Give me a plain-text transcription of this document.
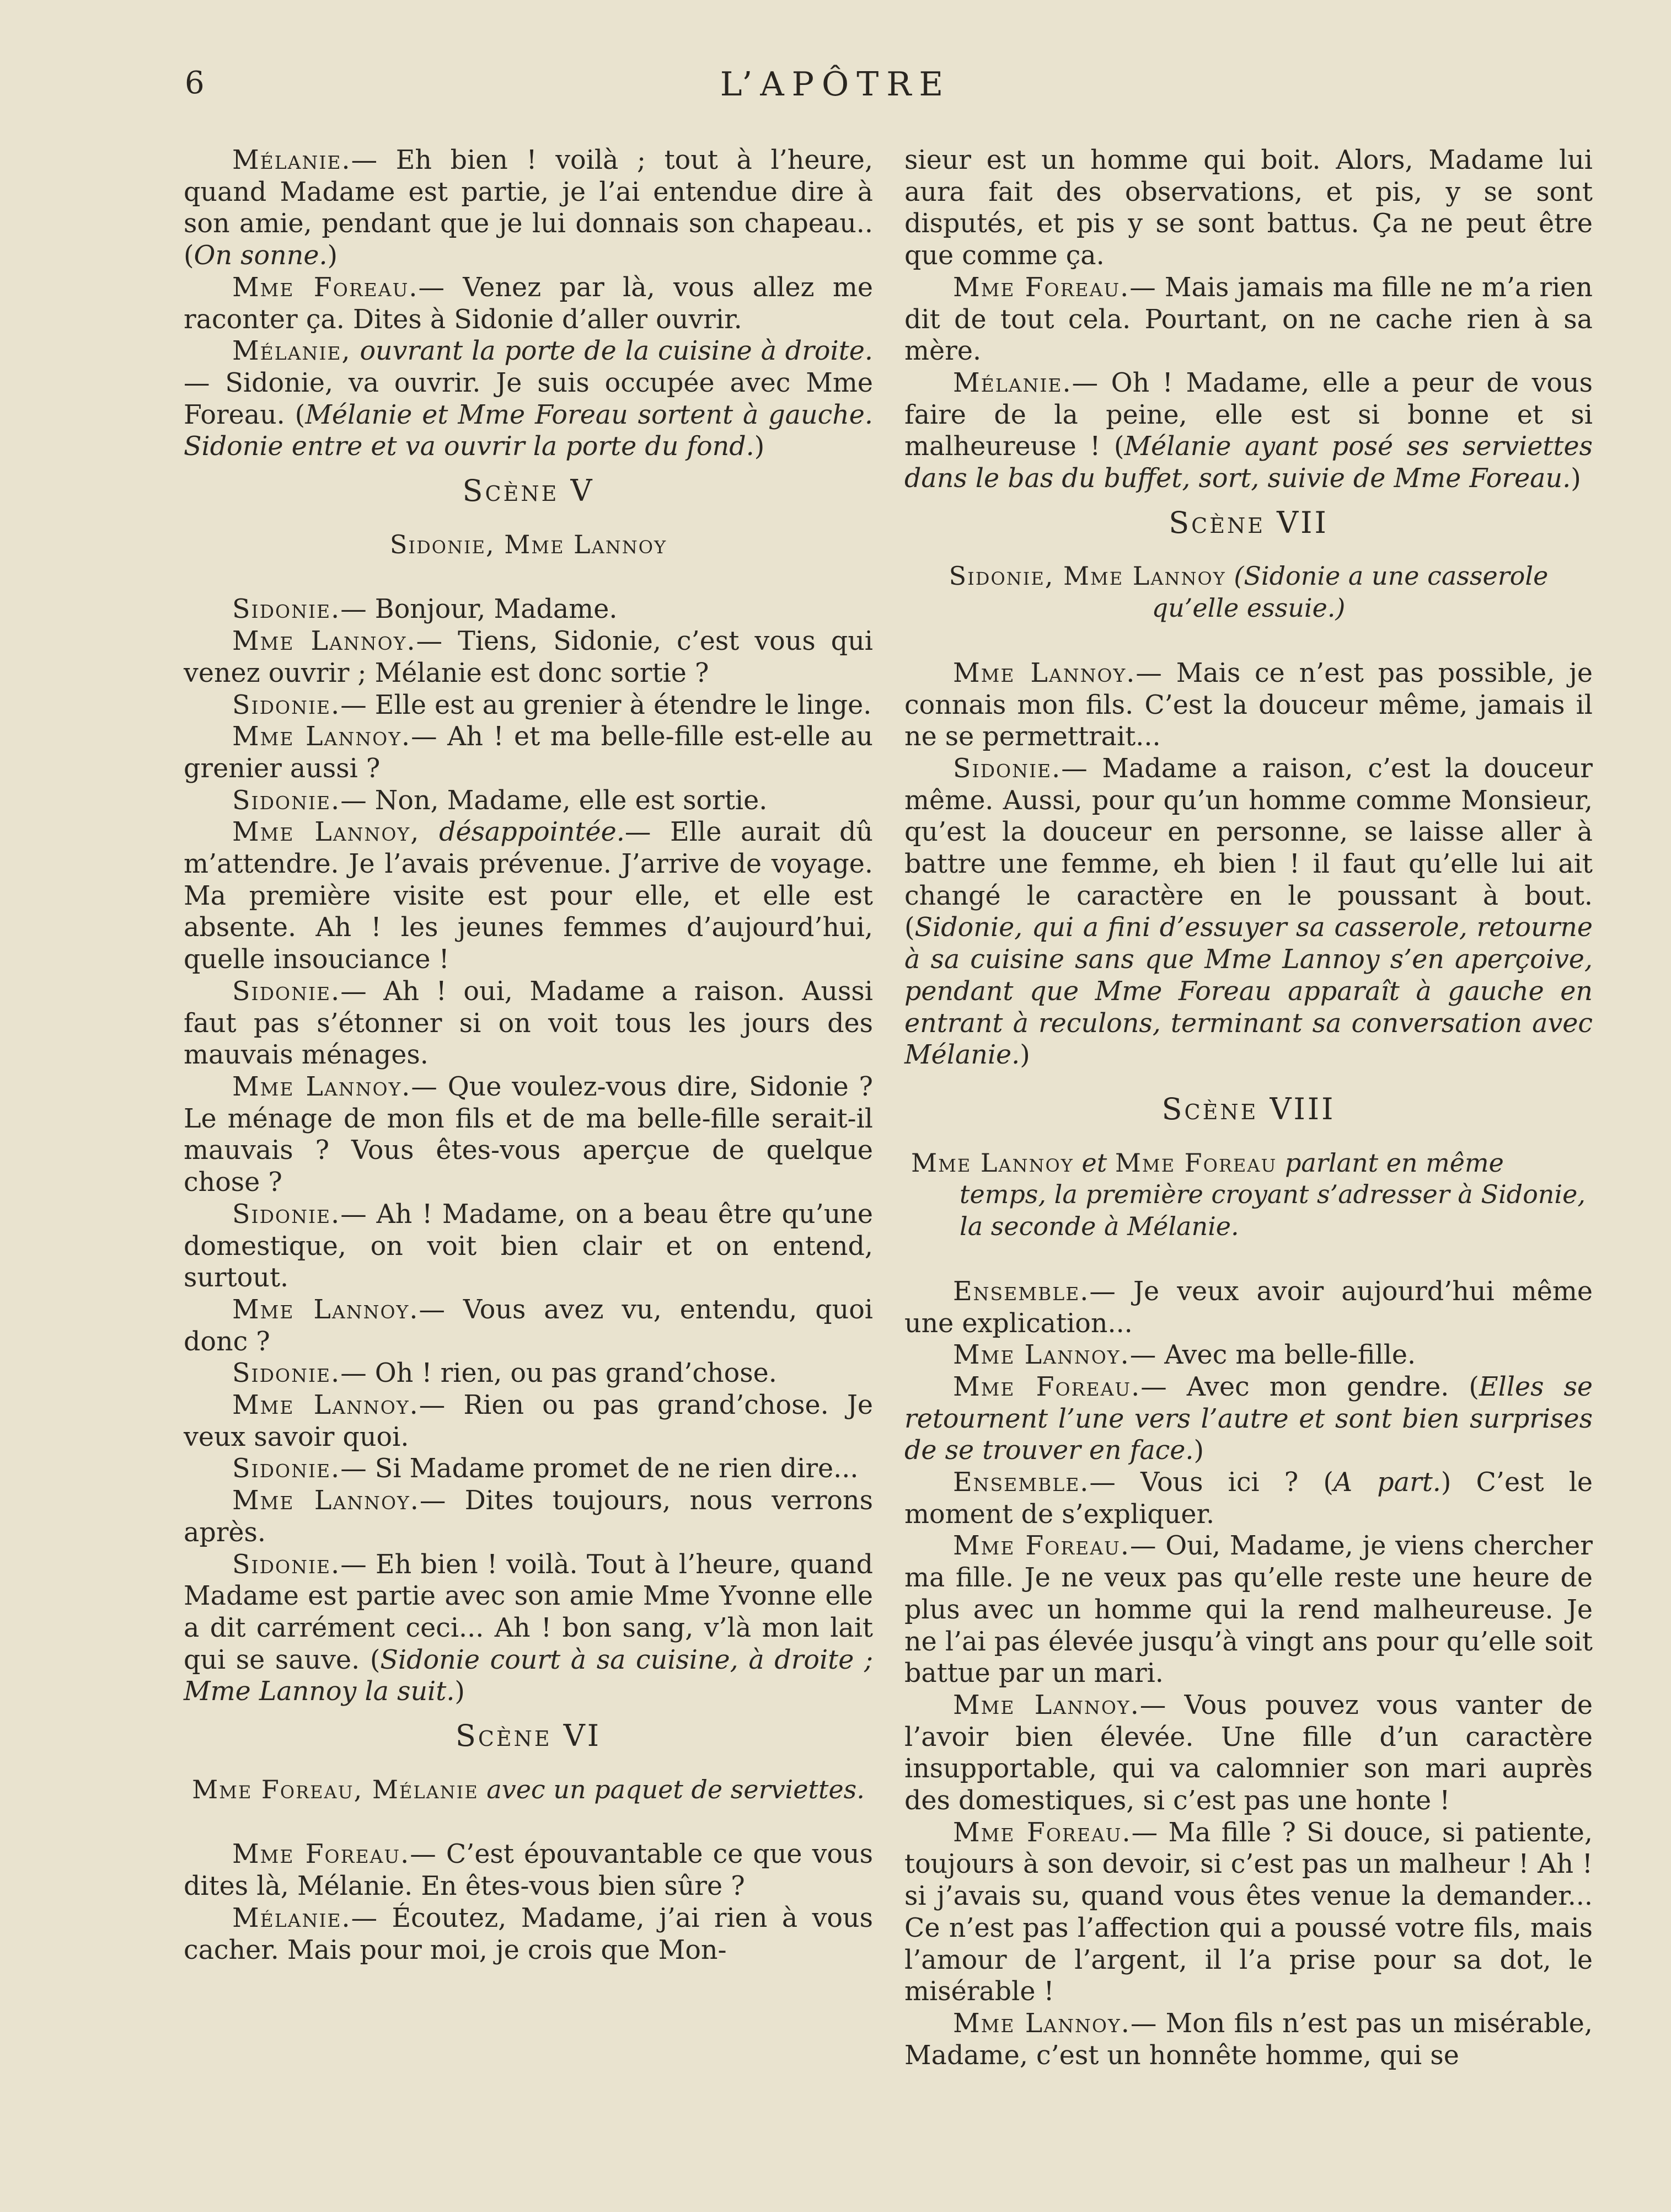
6	L’APÔTRE

Mélanie.— Eh bien ! voilà ; tout à l’heure, quand Madame est partie, je l’ai entendue dire à son amie, pendant que je lui donnais son chapeau.. (On sonne.)

Mme Foreau.— Venez par là, vous allez me raconter ça. Dites à Sidonie d’aller ouvrir.

Mélanie, ouvrant la porte de la cuisine à droite.— Sidonie, va ouvrir. Je suis occupée avec Mme Foreau. (Mélanie et Mme Foreau sortent à gauche. Sidonie entre et va ouvrir la porte du fond.)

Scène V
Sidonie, Mme Lannoy

Sidonie.— Bonjour, Madame.

Mme Lannoy.— Tiens, Sidonie, c’est vous qui venez ouvrir ; Mélanie est donc sortie ?

Sidonie.— Elle est au grenier à étendre le linge.

Mme Lannoy.— Ah ! et ma belle-fille est-elle au grenier aussi ?

Sidonie.— Non, Madame, elle est sortie.

Mme Lannoy, désappointée.— Elle aurait dû m’attendre. Je l’avais prévenue. J’arrive de voyage. Ma première visite est pour elle, et elle est absente. Ah ! les jeunes femmes d’aujourd’hui, quelle insouciance !

Sidonie.— Ah ! oui, Madame a raison. Aussi faut pas s’étonner si on voit tous les jours des mauvais ménages.

Mme Lannoy.— Que voulez-vous dire, Sidonie ? Le ménage de mon fils et de ma belle-fille serait-il mauvais ? Vous êtes-vous aperçue de quelque chose ?

Sidonie.— Ah ! Madame, on a beau être qu’une domestique, on voit bien clair et on entend, surtout.

Mme Lannoy.— Vous avez vu, entendu, quoi donc ?

Sidonie.— Oh ! rien, ou pas grand’chose.

Mme Lannoy.— Rien ou pas grand’chose. Je veux savoir quoi.

Sidonie.— Si Madame promet de ne rien dire...

Mme Lannoy.— Dites toujours, nous verrons après.

Sidonie.— Eh bien ! voilà. Tout à l’heure, quand Madame est partie avec son amie Mme Yvonne elle a dit carrément ceci... Ah ! bon sang, v’là mon lait qui se sauve. (Sidonie court à sa cuisine, à droite ; Mme Lannoy la suit.)

Scène VI
Mme Foreau, Mélanie avec un paquet de serviettes.

Mme Foreau.— C’est épouvantable ce que vous dites là, Mélanie. En êtes-vous bien sûre ?

Mélanie.— Écoutez, Madame, j’ai rien à vous cacher. Mais pour moi, je crois que Mon-

sieur est un homme qui boit. Alors, Madame lui aura fait des observations, et pis, y se sont disputés, et pis y se sont battus. Ça ne peut être que comme ça.

Mme Foreau.— Mais jamais ma fille ne m’a rien dit de tout cela. Pourtant, on ne cache rien à sa mère.

Mélanie.— Oh ! Madame, elle a peur de vous faire de la peine, elle est si bonne et si malheureuse ! (Mélanie ayant posé ses serviettes dans le bas du buffet, sort, suivie de Mme Foreau.)

Scène VII
Sidonie, Mme Lannoy (Sidonie a une casserole qu’elle essuie.)

Mme Lannoy.— Mais ce n’est pas possible, je connais mon fils. C’est la douceur même, jamais il ne se permettrait...

Sidonie.— Madame a raison, c’est la douceur même. Aussi, pour qu’un homme comme Monsieur, qu’est la douceur en personne, se laisse aller à battre une femme, eh bien ! il faut qu’elle lui ait changé le caractère en le poussant à bout. (Sidonie, qui a fini d’essuyer sa casserole, retourne à sa cuisine sans que Mme Lannoy s’en aperçoive, pendant que Mme Foreau apparaît à gauche en entrant à reculons, terminant sa conversation avec Mélanie.)

Scène VIII
Mme Lannoy et Mme Foreau parlant en même temps, la première croyant s’adresser à Sidonie, la seconde à Mélanie.

Ensemble.— Je veux avoir aujourd’hui même une explication...

Mme Lannoy.— Avec ma belle-fille.

Mme Foreau.— Avec mon gendre. (Elles se retournent l’une vers l’autre et sont bien surprises de se trouver en face.)

Ensemble.— Vous ici ? (A part.) C’est le moment de s’expliquer.

Mme Foreau.— Oui, Madame, je viens chercher ma fille. Je ne veux pas qu’elle reste une heure de plus avec un homme qui la rend malheureuse. Je ne l’ai pas élevée jusqu’à vingt ans pour qu’elle soit battue par un mari.

Mme Lannoy.— Vous pouvez vous vanter de l’avoir bien élevée. Une fille d’un caractère insupportable, qui va calomnier son mari auprès des domestiques, si c’est pas une honte !

Mme Foreau.— Ma fille ? Si douce, si patiente, toujours à son devoir, si c’est pas un malheur ! Ah ! si j’avais su, quand vous êtes venue la demander... Ce n’est pas l’affection qui a poussé votre fils, mais l’amour de l’argent, il l’a prise pour sa dot, le misérable !

Mme Lannoy.— Mon fils n’est pas un misérable, Madame, c’est un honnête homme, qui se
